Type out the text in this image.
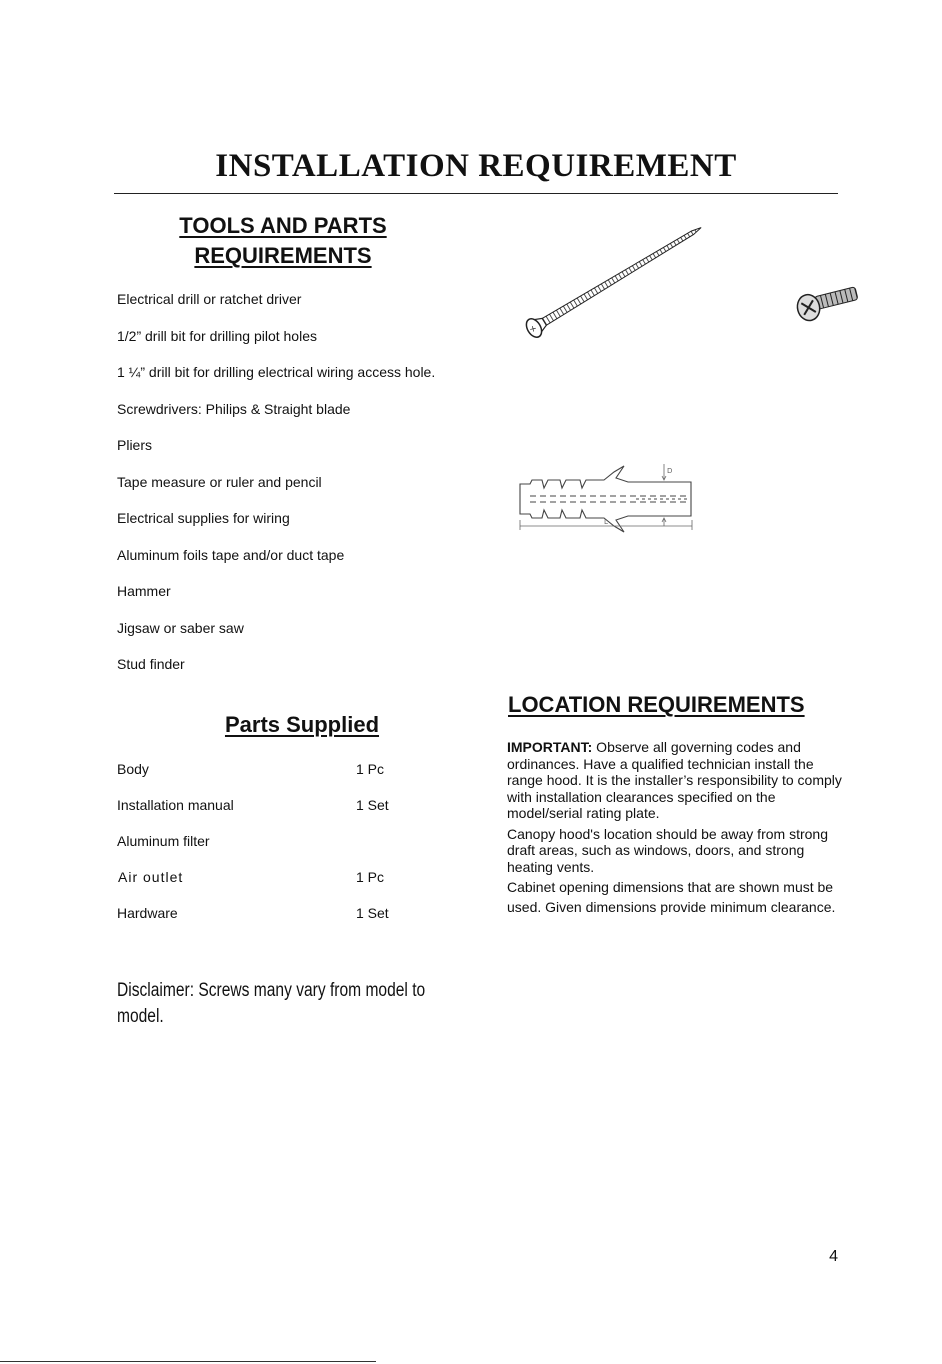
INSTALLATION REQUIREMENT
TOOLS AND PARTS
REQUIREMENTS
Electrical drill or ratchet driver
1/2” drill bit for drilling pilot holes
1 ¼” drill bit for drilling electrical wiring access hole.
Screwdrivers: Philips & Straight blade
Pliers
Tape measure or ruler and pencil
Electrical supplies for wiring
Aluminum foils tape and/or duct tape
Hammer
Jigsaw or saber saw
Stud finder
Parts Supplied
Body	1 Pc
Installation manual	1 Set
Aluminum filter
Air outlet	1 Pc
Hardware	1 Set

Disclaimer: Screws many vary from model to model.

⨯
D
L
LOCATION REQUIREMENTS

IMPORTANT: Observe all governing codes and ordinances. Have a qualified technician install the range hood. It is the installer’s responsibility to comply with installation clearances specified on the model/serial rating plate.

Canopy hood's location should be away from strong draft areas, such as windows, doors, and strong heating vents.

Cabinet opening dimensions that are shown must be used. Given dimensions provide minimum clearance.

4
